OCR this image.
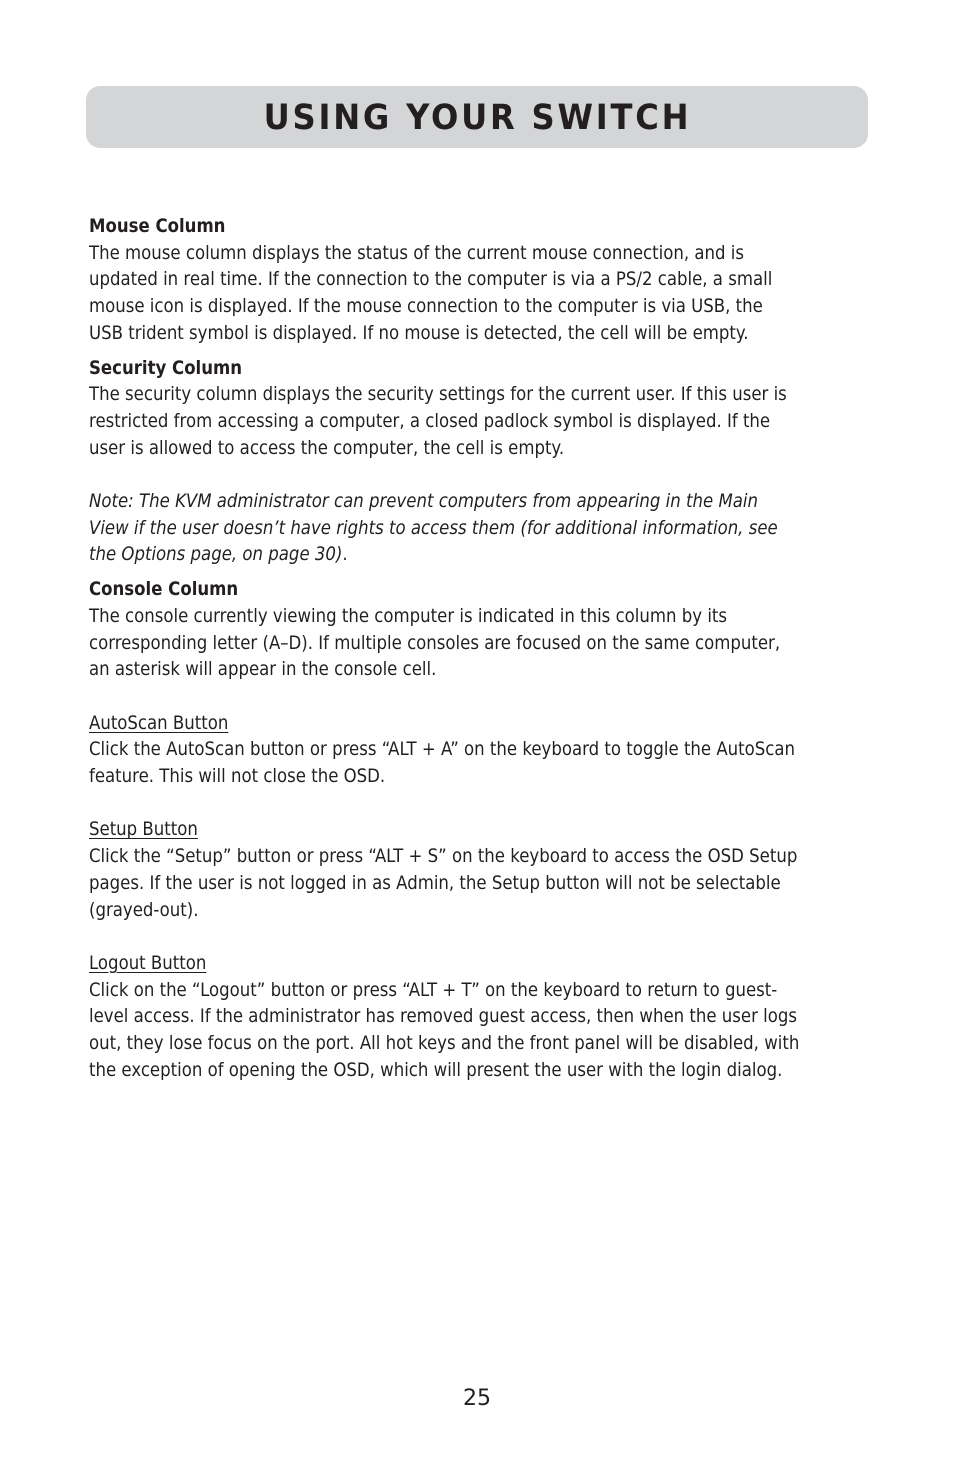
USING YOUR SWITCH

Mouse Column

The mouse column displays the status of the current mouse connection, and is updated in real time. If the connection to the computer is via a PS/2 cable, a small mouse icon is displayed. If the mouse connection to the computer is via USB, the USB trident symbol is displayed. If no mouse is detected, the cell will be empty.

Security Column

The security column displays the security settings for the current user. If this user is restricted from accessing a computer, a closed padlock symbol is displayed. If the user is allowed to access the computer, the cell is empty.

Note: The KVM administrator can prevent computers from appearing in the Main View if the user doesn’t have rights to access them (for additional information, see the Options page, on page 30).

Console Column

The console currently viewing the computer is indicated in this column by its corresponding letter (A–D). If multiple consoles are focused on the same computer, an asterisk will appear in the console cell.

AutoScan Button

Click the AutoScan button or press “ALT + A” on the keyboard to toggle the AutoScan feature. This will not close the OSD.

Setup Button

Click the “Setup” button or press “ALT + S” on the keyboard to access the OSD Setup pages. If the user is not logged in as Admin, the Setup button will not be selectable (grayed-out).

Logout Button

Click on the “Logout” button or press “ALT + T” on the keyboard to return to guest-level access. If the administrator has removed guest access, then when the user logs out, they lose focus on the port. All hot keys and the front panel will be disabled, with the exception of opening the OSD, which will present the user with the login dialog.

25
